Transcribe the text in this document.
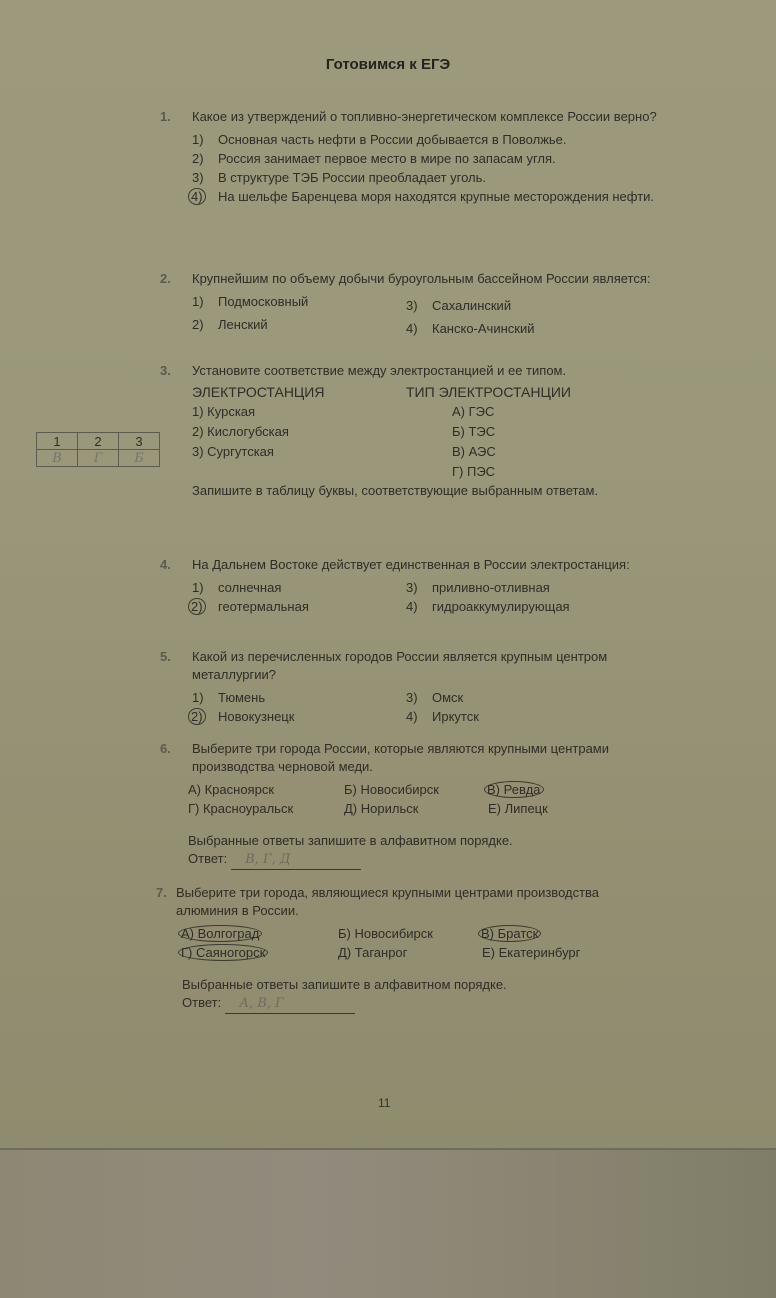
Готовимся к ЕГЭ
1. Какое из утверждений о топливно-энергетическом комплексе России верно?
1) Основная часть нефти в России добывается в Поволжье.
2) Россия занимает первое место в мире по запасам угля.
3) В структуре ТЭБ России преобладает уголь.
4)	На шельфе Баренцева моря находятся крупные месторождения нефти.
2. Крупнейшим по объему добычи буроугольным бассейном России является:
1) Подмосковный	3) Сахалинский
2) Ленский	4) Канско-Ачинский
3. Установите соответствие между электростанцией и ее типом.
ЭЛЕКТРОСТАНЦИЯ
1) Курская
2) Кислогубская
3) Сургутская
ТИП ЭЛЕКТРОСТАНЦИИ
А) ГЭС
Б) ТЭС
В) АЭС
Г) ПЭС
Запишите в таблицу буквы, соответствующие выбранным ответам.
1	2	3
В	Г	Б
4. На Дальнем Востоке действует единственная в России электростанция:
1) солнечная	3) приливно-отливная
2) геотермальная	4) гидроаккумулирующая
5. Какой из перечисленных городов России является крупным центром металлургии?
1) Тюмень	3) Омск
2) Новокузнецк	4) Иркутск
6. Выберите три города России, которые являются крупными центрами производства черновой меди.
А) Красноярск	Б) Новосибирск	В) Ревда
Г) Красноуральск	Д) Норильск	Е) Липецк
Выбранные ответы запишите в алфавитном порядке.
Ответ: В, Г, Д
7. Выберите три города, являющиеся крупными центрами производства алюминия в России.
А) Волгоград	Б) Новосибирск	В) Братск
Г) Саяногорск	Д) Таганрог	Е) Екатеринбург
Выбранные ответы запишите в алфавитном порядке.
Ответ: А, В, Г
11
